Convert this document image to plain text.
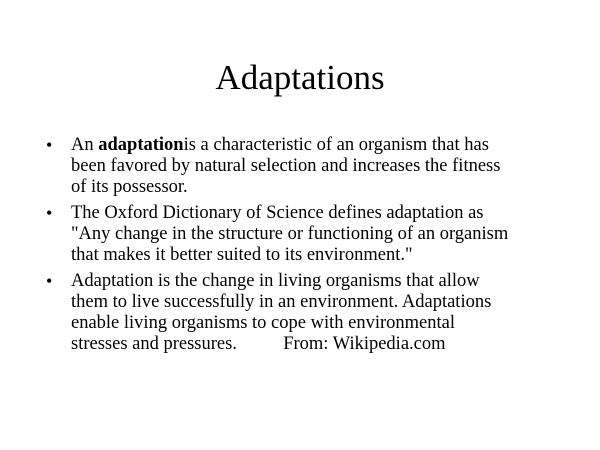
Adaptations
• An adaptationis a characteristic of an organism that has
been favored by natural selection and increases the fitness
of its possessor.
• The Oxford Dictionary of Science defines adaptation as
"Any change in the structure or functioning of an organism
that makes it better suited to its environment."
• Adaptation is the change in living organisms that allow
them to live successfully in an environment. Adaptations
enable living organisms to cope with environmental
stresses and pressures.	From: Wikipedia.com
